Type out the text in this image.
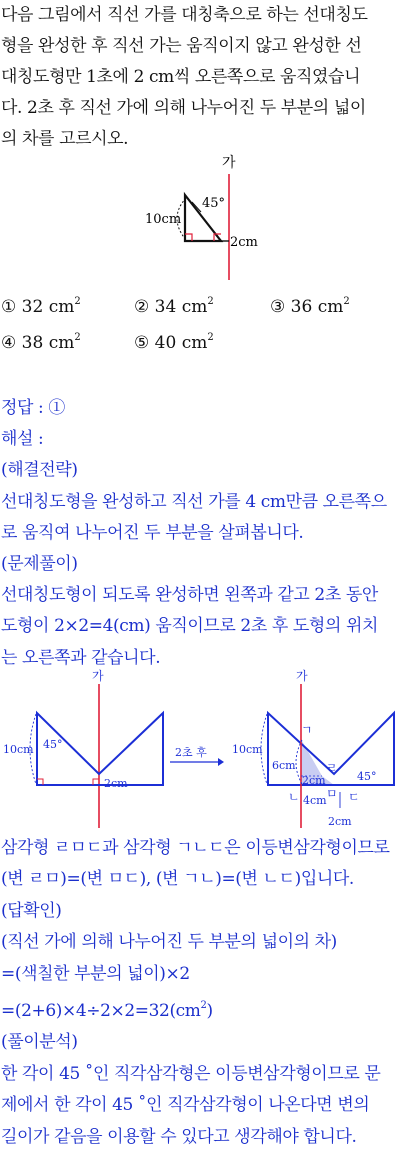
다음 그림에서 직선 가를 대칭축으로 하는 선대칭도

형을 완성한 후 직선 가는 움직이지 않고 완성한 선

대칭도형만 1초에 2 cm씩 오른쪽으로 움직였습니

다. 2초 후 직선 가에 의해 나누어진 두 부분의 넓이

의 차를 고르시오.

가
45°
10cm
2cm
① 32 $cm^2$	② 34 $cm^2$	③ 36 $cm^2$
④ 38 $cm^2$	⑤ 40 $cm^2$

정답 : ①

해설 :

(해결전략)

선대칭도형을 완성하고 직선 가를 4 cm만큼 오른쪽으

로 움직여 나누어진 두 부분을 살펴봅니다.

(문제풀이)

선대칭도형이 되도록 완성하면 왼쪽과 같고 2초 동안

도형이 2×2=4(cm) 움직이므로 2초 후 도형의 위치

는 오른쪽과 같습니다.

가
10cm 45°
2cm
2초 후
가
10cm
6cm
2cm
4cm
45°
2cm
ㄱ
ㄴ	ㄷ
ㄹ
ㅁ

삼각형 ㄹㅁㄷ과 삼각형 ㄱㄴㄷ은 이등변삼각형이므로

(변 ㄹㅁ)=(변 ㅁㄷ), (변 ㄱㄴ)=(변 ㄴㄷ)입니다.

(답확인)

(직선 가에 의해 나누어진 두 부분의 넓이의 차)

=(색칠한 부분의 넓이)×2

$=(2+6)\times 4\div 2\times 2=32(cm^2)$

(풀이분석)

한 각이 45 ˚인 직각삼각형은 이등변삼각형이므로 문

제에서 한 각이 45 ˚인 직각삼각형이 나온다면 변의

길이가 같음을 이용할 수 있다고 생각해야 합니다.
